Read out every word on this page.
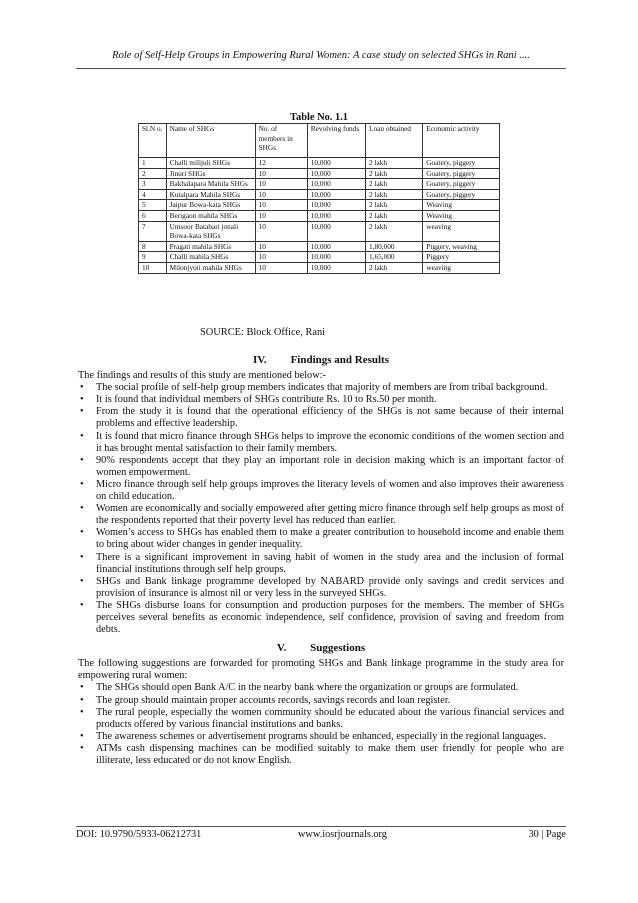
Role of Self-Help Groups in Empowering Rural Women: A case study on selected SHGs in Rani ....
Table No. 1.1
Sl.N o.	Name of SHGs	No. of members in SHGs	Revolving funds	Loan obtained	Economic activity
1	Challi milijuli SHGs	12	10,000	2 lakh	Goatery, piggery
2	Jinuri SHGs	10	10,000	2 lakh	Goatery, piggery
3	Bakhalapara Mahila SHGs	10	10,000	2 lakh	Goatery, piggery
4	Kutalpara Mahila SHGs	10	10,000	2 lakh	Goatery, piggery
5	Jaipur Bowa-kata SHGs	10	10,000	2 lakh	Weaving
6	Berigaon mahila SHGs	10	10,000	2 lakh	Weaving
7	Umsoor Batabari jonali Bowa-kata SHGs	10	10,000	2 lakh	weaving
8	Pragati mahila SHGs	10	10,000	1,80,000	Piggery, weaving
9	Challi mahila SHGs	10	10,000	1,65,000	Piggery
10	Milonjyoti mahila SHGs	10	10,000	2 lakh	weaving
SOURCE: Block Office, Rani
IV. Findings and Results

The findings and results of this study are mentioned below:-

• The social profile of self-help group members indicates that majority of members are from tribal background.
• It is found that individual members of SHGs contribute Rs. 10 to Rs.50 per month.
• From the study it is found that the operational efficiency of the SHGs is not same because of their internal problems and effective leadership.
• It is found that micro finance through SHGs helps to improve the economic conditions of the women section and it has brought mental satisfaction to their family members.
• 90% respondents accept that they play an important role in decision making which is an important factor of women empowerment.
• Micro finance through self help groups improves the literacy levels of women and also improves their awareness on child education.
• Women are economically and socially empowered after getting micro finance through self help groups as most of the respondents reported that their poverty level has reduced than earlier.
• Women’s access to SHGs has enabled them to make a greater contribution to household income and enable them to bring about wider changes in gender inequality.
• There is a significant improvement in saving habit of women in the study area and the inclusion of formal financial institutions through self help groups.
• SHGs and Bank linkage programme developed by NABARD provide only savings and credit services and provision of insurance is almost nil or very less in the surveyed SHGs.
• The SHGs disburse loans for consumption and production purposes for the members. The member of SHGs perceives several benefits as economic independence, self confidence, provision of saving and freedom from debts.
V. Suggestions

The following suggestions are forwarded for promoting SHGs and Bank linkage programme in the study area for empowering rural women:

• The SHGs should open Bank A/C in the nearby bank where the organization or groups are formulated.
• The group should maintain proper accounts records, savings records and loan register.
• The rural people, especially the women community should be educated about the various financial services and products offered by various financial institutions and banks.
• The awareness schemes or advertisement programs should be enhanced, especially in the regional languages.
• ATMs cash dispensing machines can be modified suitably to make them user friendly for people who are illiterate, less educated or do not know English.
DOI: 10.9790/5933-06212731	www.iosrjournals.org	30 | Page
